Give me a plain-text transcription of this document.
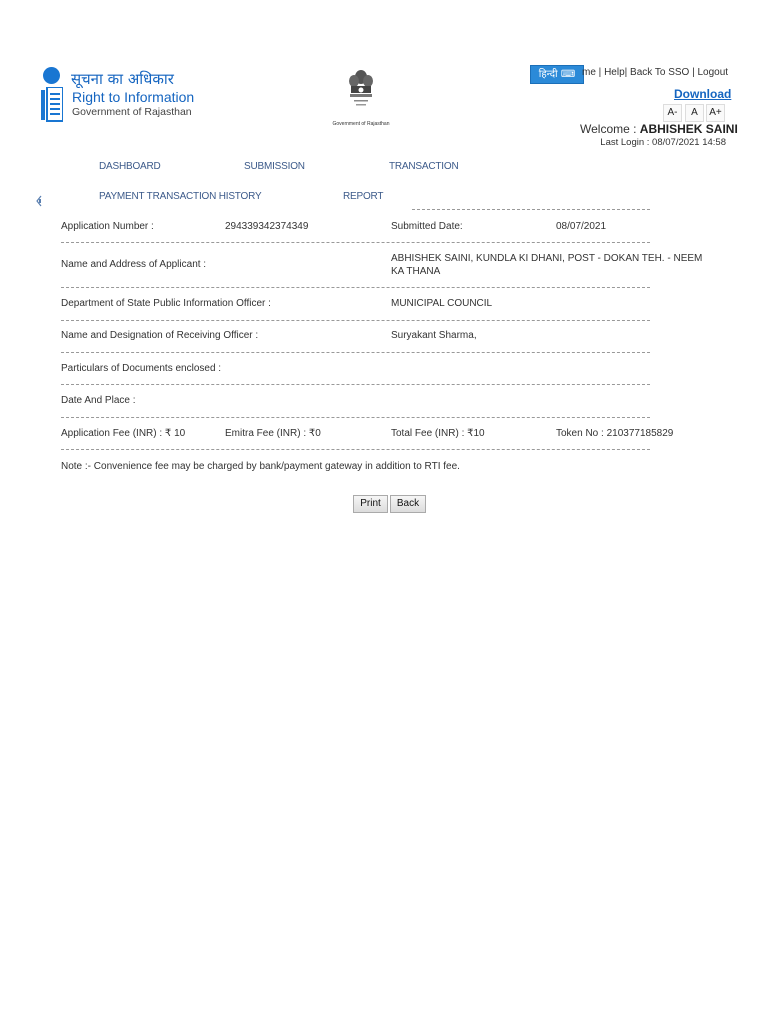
सूचना का अधिकार
Right to Information
Government of Rajasthan
Government of Rajasthan
हिन्दी ⌨ me | Help| Back To SSO | Logout
Download
A-	A	A+
Welcome : ABHISHEK SAINI
Last Login : 08/07/2021 14:58
DASHBOARD	SUBMISSION	TRANSACTION
PAYMENT TRANSACTION HISTORY	REPORT
Application Number :	294339342374349	Submitted Date:	08/07/2021
Name and Address of Applicant :
ABHISHEK SAINI, KUNDLA KI DHANI, POST - DOKAN TEH. - NEEM
KA THANA
Department of State Public Information Officer :	MUNICIPAL COUNCIL
Name and Designation of Receiving Officer :	Suryakant Sharma,
Particulars of Documents enclosed :
Date And Place :
Application Fee (INR) : ₹ 10	Emitra Fee (INR) : ₹0	Total Fee (INR) : ₹10	Token No : 210377185829
Note :- Convenience fee may be charged by bank/payment gateway in addition to RTI fee.
Print	Back
